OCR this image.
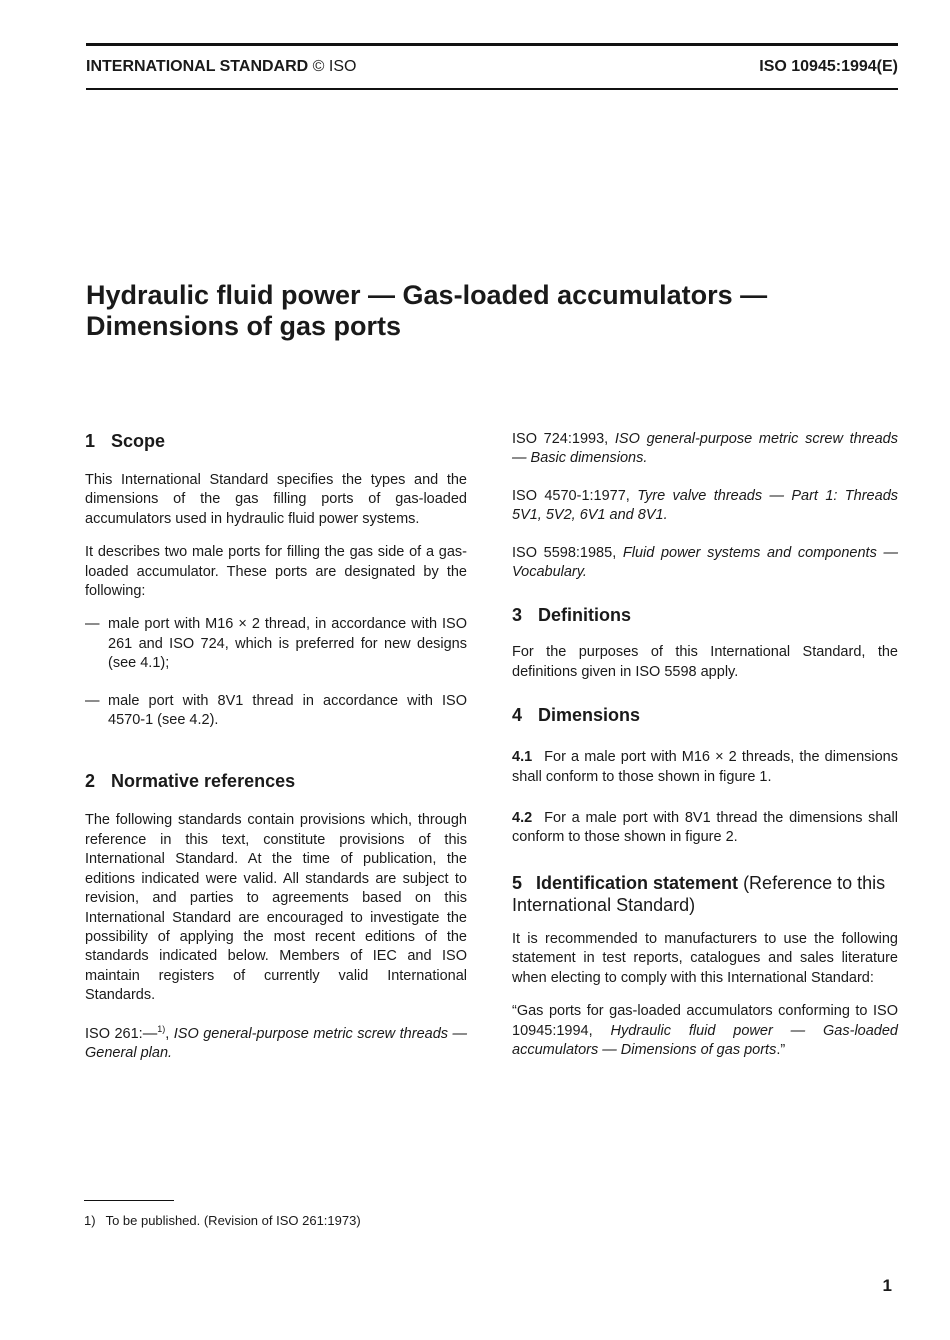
INTERNATIONAL STANDARD © ISO	ISO 10945:1994(E)
Hydraulic fluid power — Gas-loaded accumulators —
Dimensions of gas ports
1 Scope

This International Standard specifies the types and the dimensions of the gas filling ports of gas-loaded accumulators used in hydraulic fluid power systems.

It describes two male ports for filling the gas side of a gas-loaded accumulator. These ports are designated by the following:

— male port with M16 × 2 thread, in accordance with ISO 261 and ISO 724, which is preferred for new designs (see 4.1);
— male port with 8V1 thread in accordance with ISO 4570-1 (see 4.2).
2 Normative references

The following standards contain provisions which, through reference in this text, constitute provisions of this International Standard. At the time of publication, the editions indicated were valid. All standards are subject to revision, and parties to agreements based on this International Standard are encouraged to investigate the possibility of applying the most recent editions of the standards indicated below. Members of IEC and ISO maintain registers of currently valid International Standards.

ISO 261:—$^{1)}$, ISO general-purpose metric screw threads — General plan.

ISO 724:1993, ISO general-purpose metric screw threads — Basic dimensions.

ISO 4570-1:1977, Tyre valve threads — Part 1: Threads 5V1, 5V2, 6V1 and 8V1.

ISO 5598:1985, Fluid power systems and components — Vocabulary.

3 Definitions

For the purposes of this International Standard, the definitions given in ISO 5598 apply.

4 Dimensions

4.1 For a male port with M16 × 2 threads, the dimensions shall conform to those shown in figure 1.

4.2 For a male port with 8V1 thread the dimensions shall conform to those shown in figure 2.

5 Identification statement (Reference to this International Standard)

It is recommended to manufacturers to use the following statement in test reports, catalogues and sales literature when electing to comply with this International Standard:

“Gas ports for gas-loaded accumulators conforming to ISO 10945:1994, Hydraulic fluid power — Gas-loaded accumulators — Dimensions of gas ports.”

1) To be published. (Revision of ISO 261:1973)
1
